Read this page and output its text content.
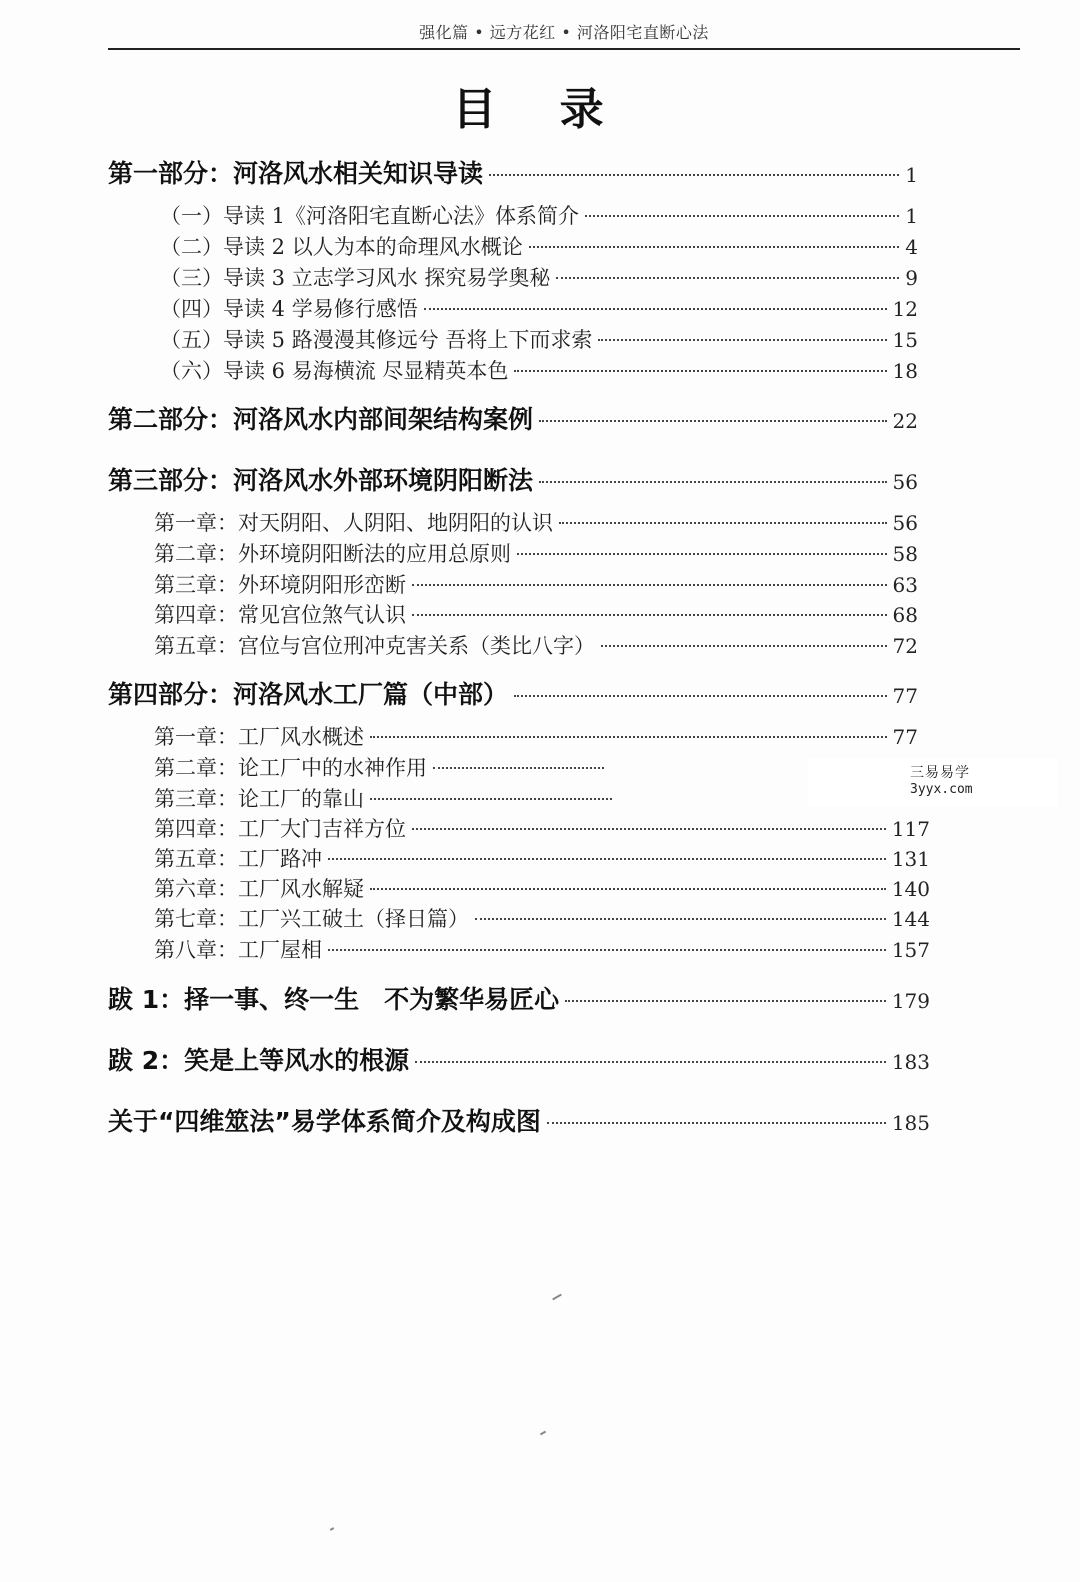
强化篇 • 远方花红 • 河洛阳宅直断心法
目 录
第一部分：河洛风水相关知识导读	1
（一）导读 1《河洛阳宅直断心法》体系简介	1
（二）导读 2 以人为本的命理风水概论	4
（三）导读 3 立志学习风水 探究易学奥秘	9
（四）导读 4 学易修行感悟	12
（五）导读 5 路漫漫其修远兮 吾将上下而求索	15
（六）导读 6 易海横流 尽显精英本色	18
第二部分：河洛风水内部间架结构案例	22
第三部分：河洛风水外部环境阴阳断法	56
第一章：对天阴阳、人阴阳、地阴阳的认识	56
第二章：外环境阴阳断法的应用总原则	58
第三章：外环境阴阳形峦断	63
第四章：常见宫位煞气认识	68
第五章：宫位与宫位刑冲克害关系（类比八字）	72
第四部分：河洛风水工厂篇（中部）	77
第一章：工厂风水概述	77
第二章：论工厂中的水神作用
第三章：论工厂的靠山
第四章：工厂大门吉祥方位	117
第五章：工厂路冲	131
第六章：工厂风水解疑	140
第七章：工厂兴工破土（择日篇）	144
第八章：工厂屋相	157
跋 1：择一事、终一生　不为繁华易匠心	179
跋 2：笑是上等风水的根源	183
关于“四维筮法”易学体系简介及构成图	185
三易易学
3yyx.com
